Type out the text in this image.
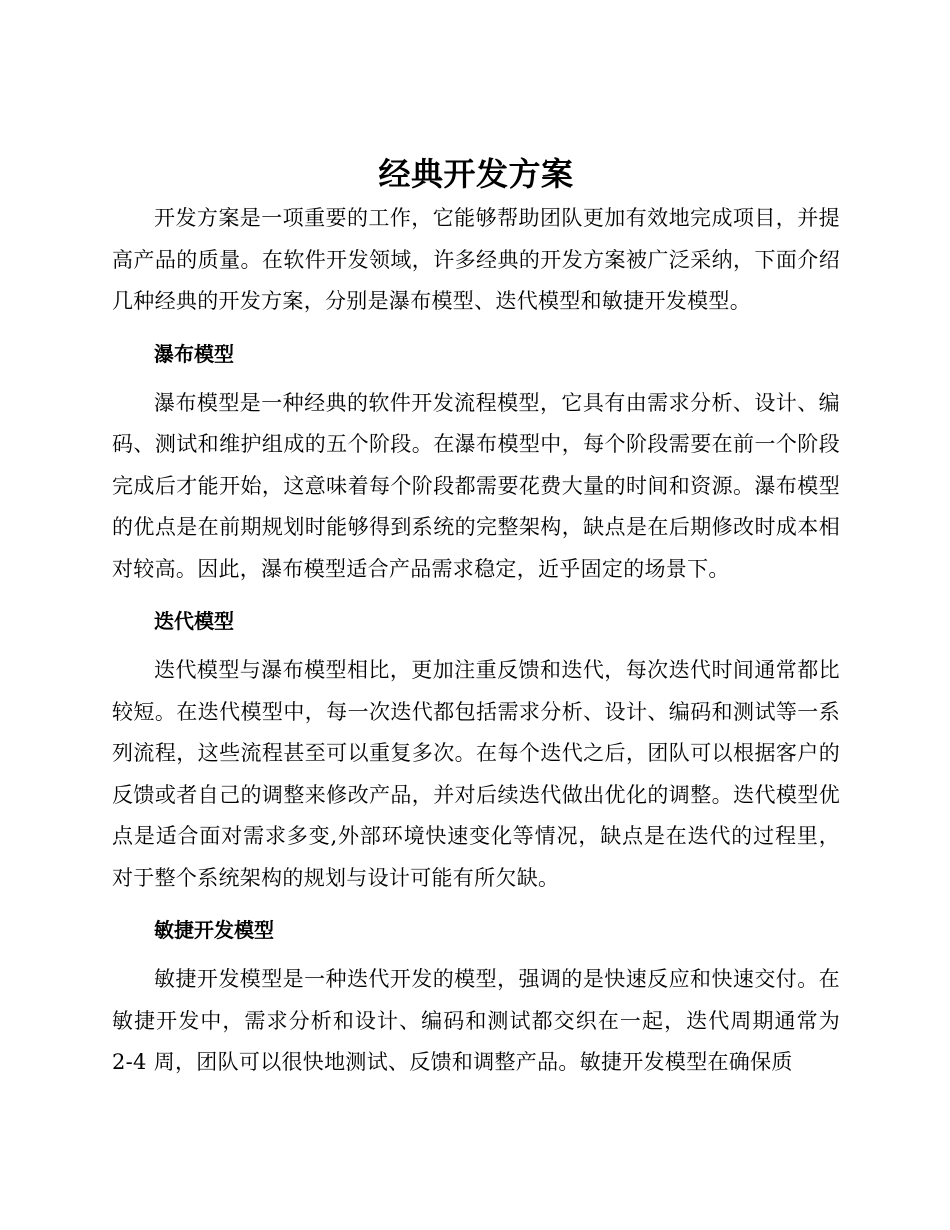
经典开发方案

开发方案是一项重要的工作，它能够帮助团队更加有效地完成项目，并提高产品的质量。在软件开发领域，许多经典的开发方案被广泛采纳，下面介绍几种经典的开发方案，分别是瀑布模型、迭代模型和敏捷开发模型。

瀑布模型

瀑布模型是一种经典的软件开发流程模型，它具有由需求分析、设计、编码、测试和维护组成的五个阶段。在瀑布模型中，每个阶段需要在前一个阶段完成后才能开始，这意味着每个阶段都需要花费大量的时间和资源。瀑布模型的优点是在前期规划时能够得到系统的完整架构，缺点是在后期修改时成本相对较高。因此，瀑布模型适合产品需求稳定，近乎固定的场景下。

迭代模型

迭代模型与瀑布模型相比，更加注重反馈和迭代，每次迭代时间通常都比较短。在迭代模型中，每一次迭代都包括需求分析、设计、编码和测试等一系列流程，这些流程甚至可以重复多次。在每个迭代之后，团队可以根据客户的反馈或者自己的调整来修改产品，并对后续迭代做出优化的调整。迭代模型优点是适合面对需求多变,外部环境快速变化等情况，缺点是在迭代的过程里，对于整个系统架构的规划与设计可能有所欠缺。

敏捷开发模型

敏捷开发模型是一种迭代开发的模型，强调的是快速反应和快速交付。在敏捷开发中，需求分析和设计、编码和测试都交织在一起，迭代周期通常为 2-4 周，团队可以很快地测试、反馈和调整产品。敏捷开发模型在确保质
